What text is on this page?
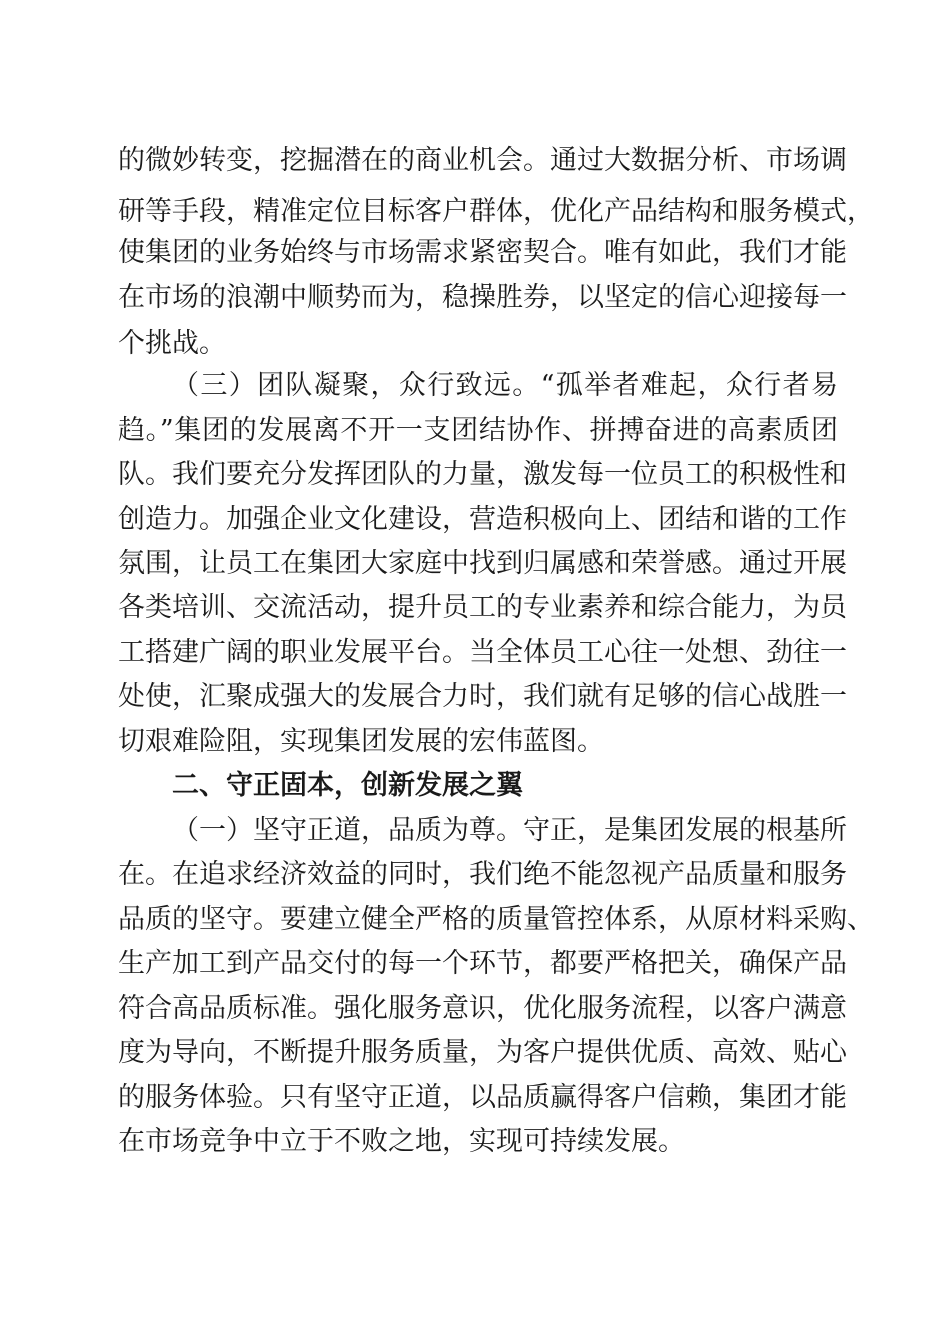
的微妙转变，挖掘潜在的商业机会。通过大数据分析、市场调
研等手段，精准定位目标客户群体，优化产品结构和服务模式，
使集团的业务始终与市场需求紧密契合。唯有如此，我们才能
在市场的浪潮中顺势而为，稳操胜券，以坚定的信心迎接每一
个挑战。
（三）团队凝聚，众行致远。“孤举者难起，众行者易
趋。”集团的发展离不开一支团结协作、拼搏奋进的高素质团
队。我们要充分发挥团队的力量，激发每一位员工的积极性和
创造力。加强企业文化建设，营造积极向上、团结和谐的工作
氛围，让员工在集团大家庭中找到归属感和荣誉感。通过开展
各类培训、交流活动，提升员工的专业素养和综合能力，为员
工搭建广阔的职业发展平台。当全体员工心往一处想、劲往一
处使，汇聚成强大的发展合力时，我们就有足够的信心战胜一
切艰难险阻，实现集团发展的宏伟蓝图。
二、守正固本，创新发展之翼
（一）坚守正道，品质为尊。守正，是集团发展的根基所
在。在追求经济效益的同时，我们绝不能忽视产品质量和服务
品质的坚守。要建立健全严格的质量管控体系，从原材料采购、
生产加工到产品交付的每一个环节，都要严格把关，确保产品
符合高品质标准。强化服务意识，优化服务流程，以客户满意
度为导向，不断提升服务质量，为客户提供优质、高效、贴心
的服务体验。只有坚守正道，以品质赢得客户信赖，集团才能
在市场竞争中立于不败之地，实现可持续发展。
